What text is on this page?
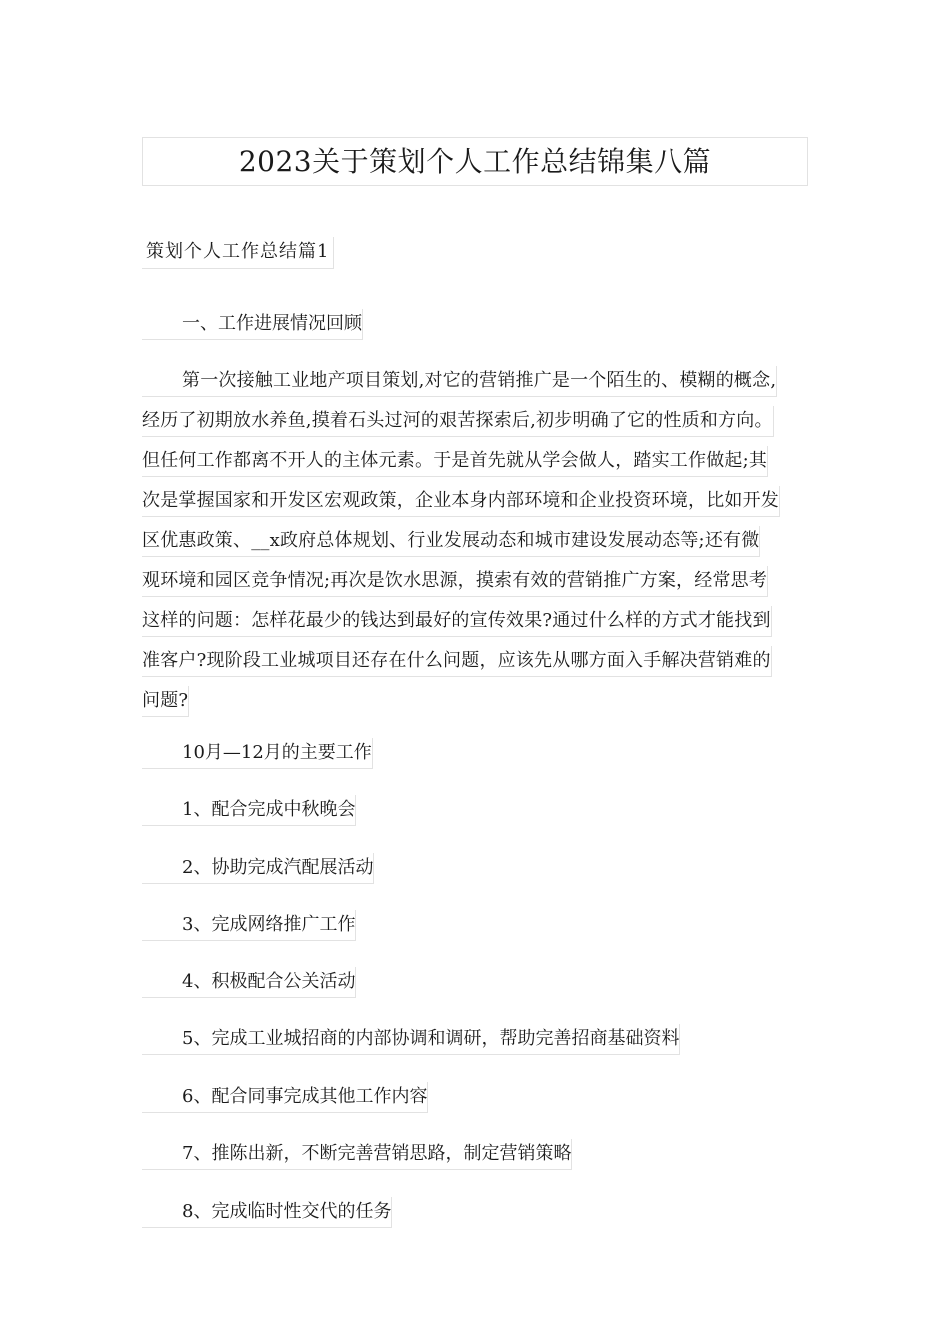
2023关于策划个人工作总结锦集八篇
策划个人工作总结篇1
一、工作进展情况回顾
第一次接触工业地产项目策划,对它的营销推广是一个陌生的、模糊的概念,
经历了初期放水养鱼,摸着石头过河的艰苦探索后,初步明确了它的性质和方向。
但任何工作都离不开人的主体元素。于是首先就从学会做人，踏实工作做起;其
次是掌握国家和开发区宏观政策，企业本身内部环境和企业投资环境，比如开发
区优惠政策、__x政府总体规划、行业发展动态和城市建设发展动态等;还有微
观环境和园区竞争情况;再次是饮水思源，摸索有效的营销推广方案，经常思考
这样的问题：怎样花最少的钱达到最好的宣传效果?通过什么样的方式才能找到
准客户?现阶段工业城项目还存在什么问题，应该先从哪方面入手解决营销难的
问题?
10月—12月的主要工作
1、配合完成中秋晚会
2、协助完成汽配展活动
3、完成网络推广工作
4、积极配合公关活动
5、完成工业城招商的内部协调和调研，帮助完善招商基础资料
6、配合同事完成其他工作内容
7、推陈出新，不断完善营销思路，制定营销策略
8、完成临时性交代的任务
